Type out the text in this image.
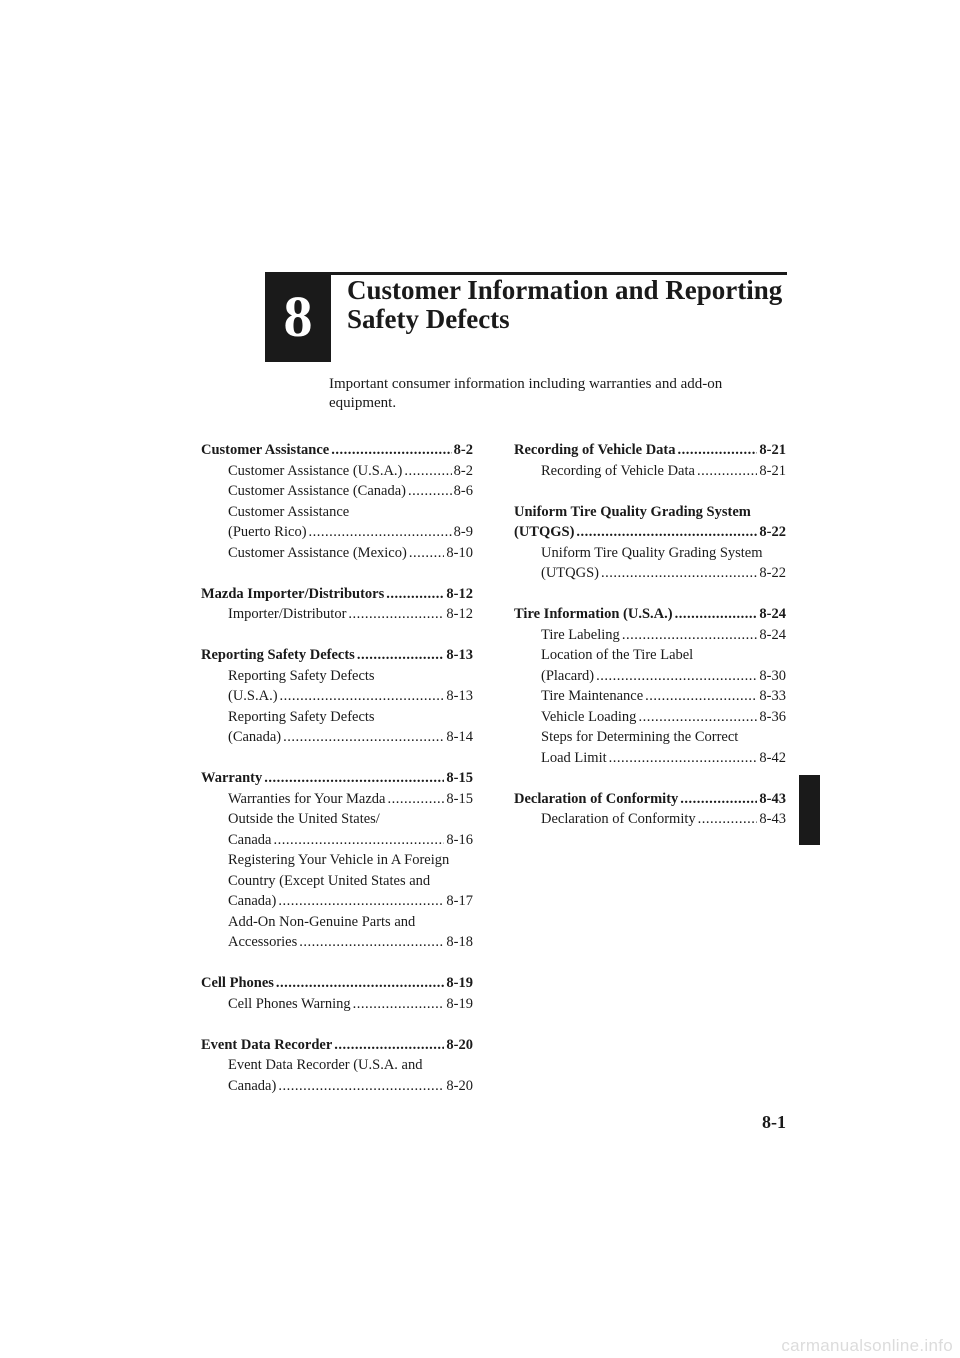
8	Customer Information and Reporting Safety Defects

Important consumer information including warranties and add-on equipment.

Customer Assistance .....	8-2
Customer Assistance (U.S.A.) .....	8-2
Customer Assistance (Canada) .....	8-6
Customer Assistance
(Puerto Rico) .....	8-9
Customer Assistance (Mexico) .....	8-10
Mazda Importer/Distributors .....	8-12
Importer/Distributor .....	8-12
Reporting Safety Defects .....	8-13
Reporting Safety Defects
(U.S.A.) .....	8-13
Reporting Safety Defects
(Canada) .....	8-14
Warranty .....	8-15
Warranties for Your Mazda .....	8-15
Outside the United States/
Canada .....	8-16
Registering Your Vehicle in A Foreign
Country (Except United States and
Canada) .....	8-17
Add-On Non-Genuine Parts and
Accessories .....	8-18
Cell Phones .....	8-19
Cell Phones Warning .....	8-19
Event Data Recorder .....	8-20
Event Data Recorder (U.S.A. and
Canada) .....	8-20
Recording of Vehicle Data .....	8-21
Recording of Vehicle Data .....	8-21
Uniform Tire Quality Grading System
(UTQGS) .....	8-22
Uniform Tire Quality Grading System
(UTQGS) .....	8-22
Tire Information (U.S.A.) .....	8-24
Tire Labeling .....	8-24
Location of the Tire Label
(Placard) .....	8-30
Tire Maintenance .....	8-33
Vehicle Loading .....	8-36
Steps for Determining the Correct
Load Limit .....	8-42
Declaration of Conformity .....	8-43
Declaration of Conformity .....	8-43
8-1
carmanualsonline.info
